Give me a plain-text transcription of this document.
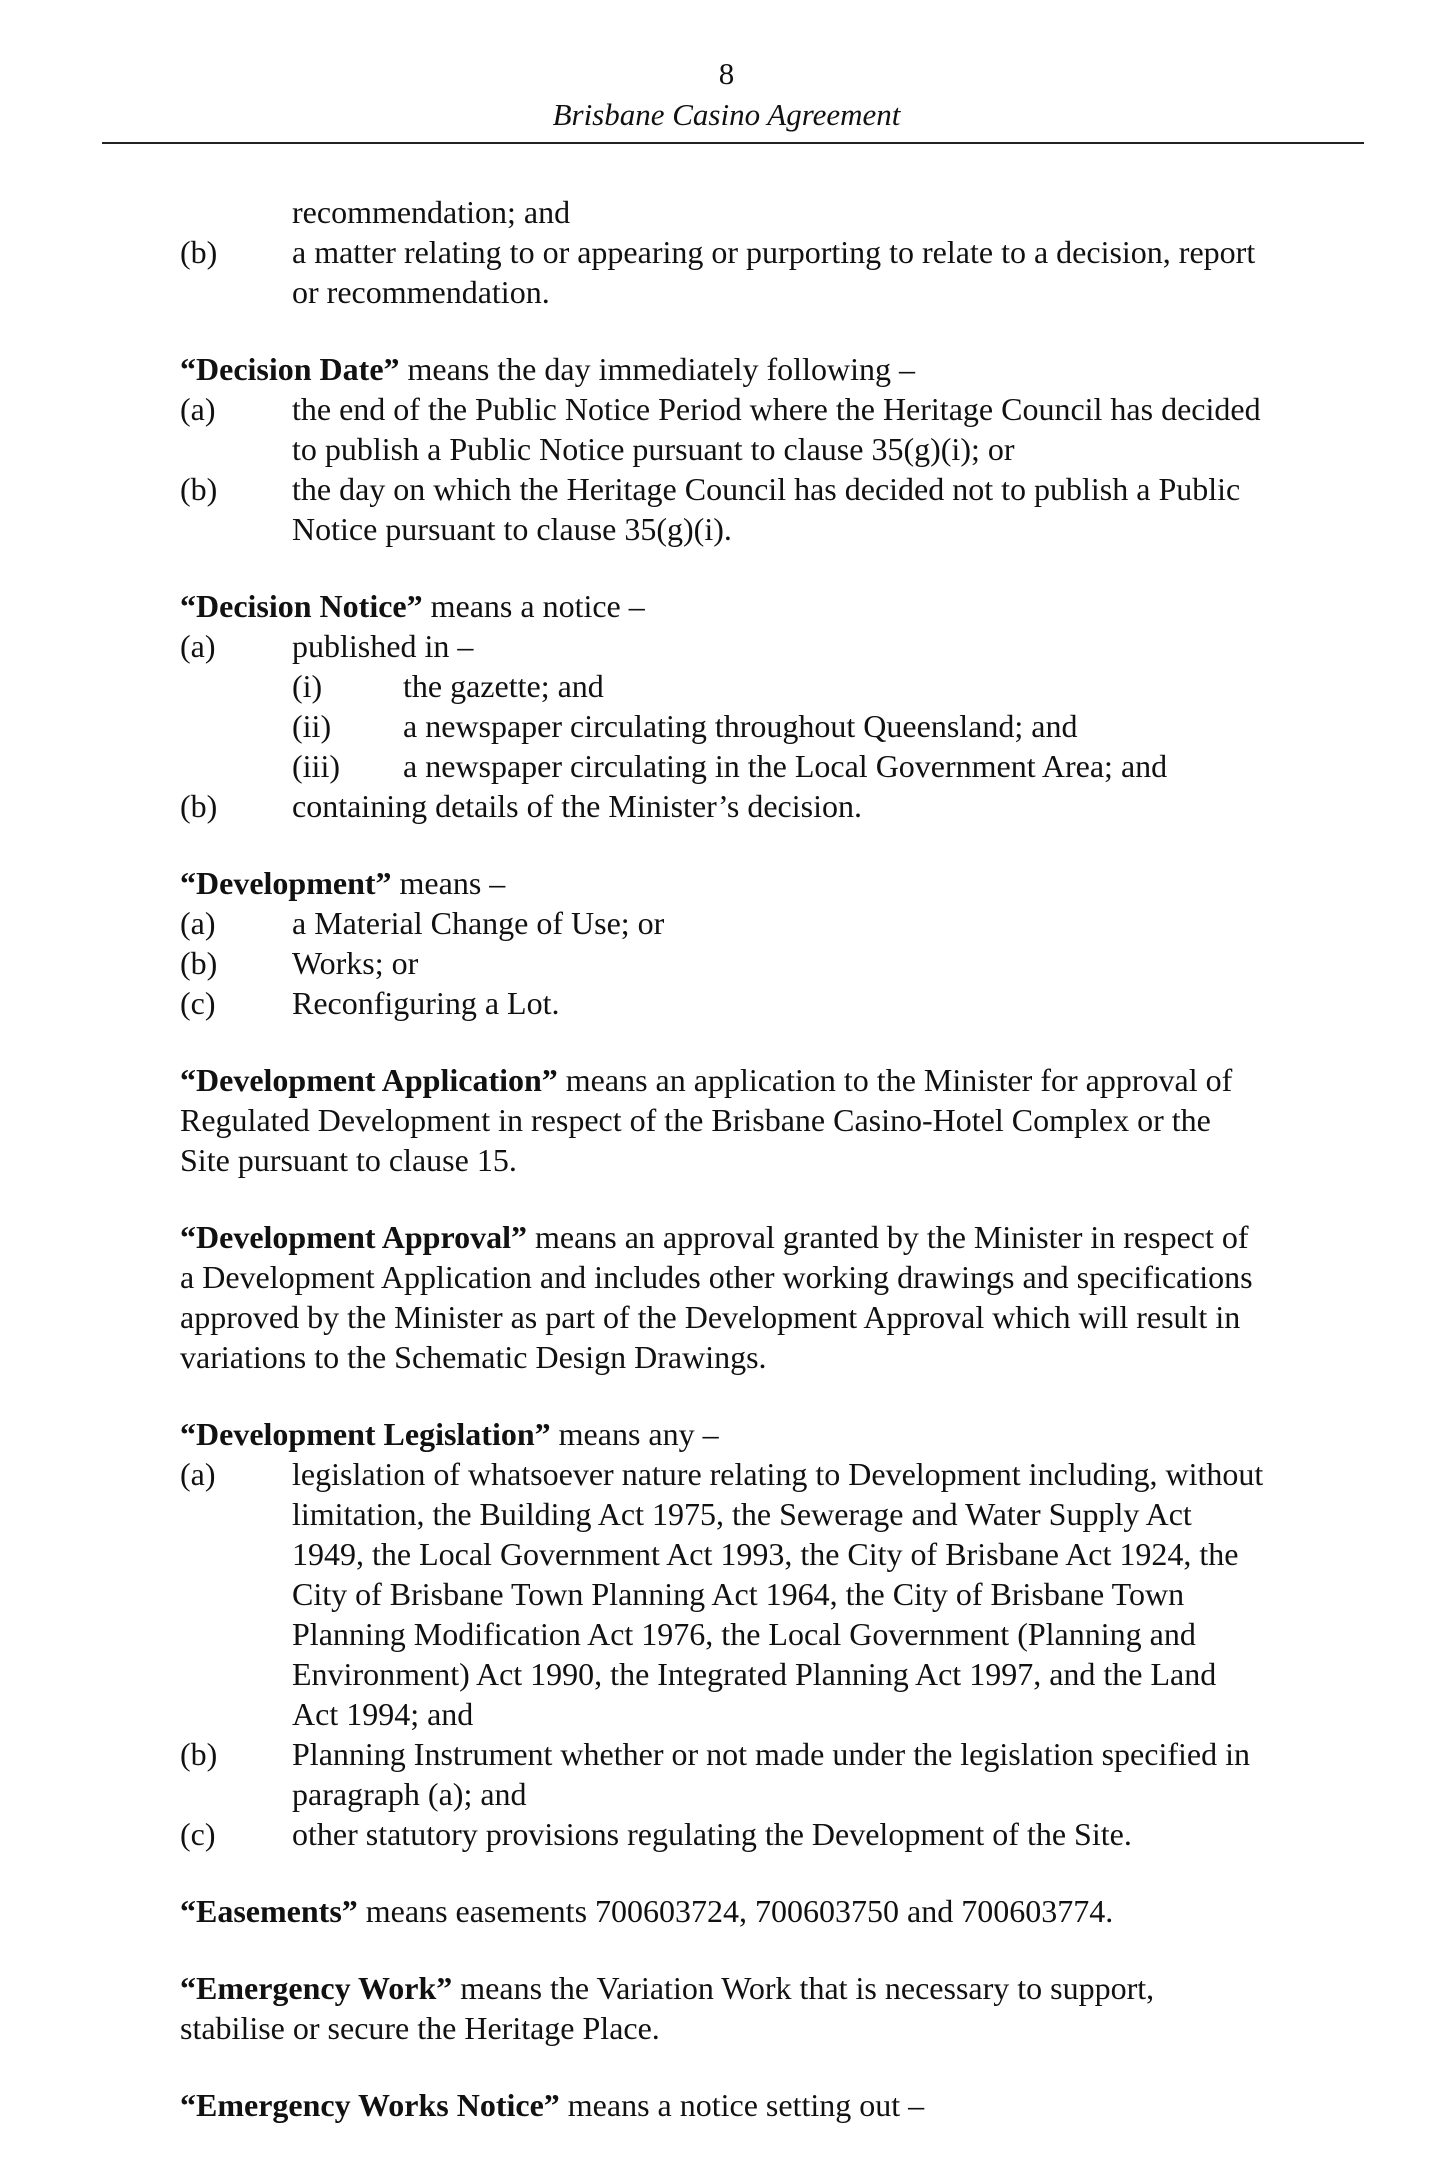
8
Brisbane Casino Agreement
recommendation; and
(b) a matter relating to or appearing or purporting to relate to a decision, report
or recommendation.
“Decision Date” means the day immediately following –
(a) the end of the Public Notice Period where the Heritage Council has decided
to publish a Public Notice pursuant to clause 35(g)(i); or
(b) the day on which the Heritage Council has decided not to publish a Public
Notice pursuant to clause 35(g)(i).
“Decision Notice” means a notice –
(a) published in –
(i)	the gazette; and
(ii) a newspaper circulating throughout Queensland; and
(iii) a newspaper circulating in the Local Government Area; and
(b) containing details of the Minister’s decision.
“Development” means –
(a) a Material Change of Use; or
(b) Works; or
(c) Reconfiguring a Lot.
“Development Application” means an application to the Minister for approval of
Regulated Development in respect of the Brisbane Casino-Hotel Complex or the
Site pursuant to clause 15.
“Development Approval” means an approval granted by the Minister in respect of
a Development Application and includes other working drawings and specifications
approved by the Minister as part of the Development Approval which will result in
variations to the Schematic Design Drawings.
“Development Legislation” means any –
(a) legislation of whatsoever nature relating to Development including, without
limitation, the Building Act 1975, the Sewerage and Water Supply Act
1949, the Local Government Act 1993, the City of Brisbane Act 1924, the
City of Brisbane Town Planning Act 1964, the City of Brisbane Town
Planning Modification Act 1976, the Local Government (Planning and
Environment) Act 1990, the Integrated Planning Act 1997, and the Land
Act 1994; and
(b) Planning Instrument whether or not made under the legislation specified in
paragraph (a); and
(c) other statutory provisions regulating the Development of the Site.
“Easements” means easements 700603724, 700603750 and 700603774.
“Emergency Work” means the Variation Work that is necessary to support,
stabilise or secure the Heritage Place.
“Emergency Works Notice” means a notice setting out –
